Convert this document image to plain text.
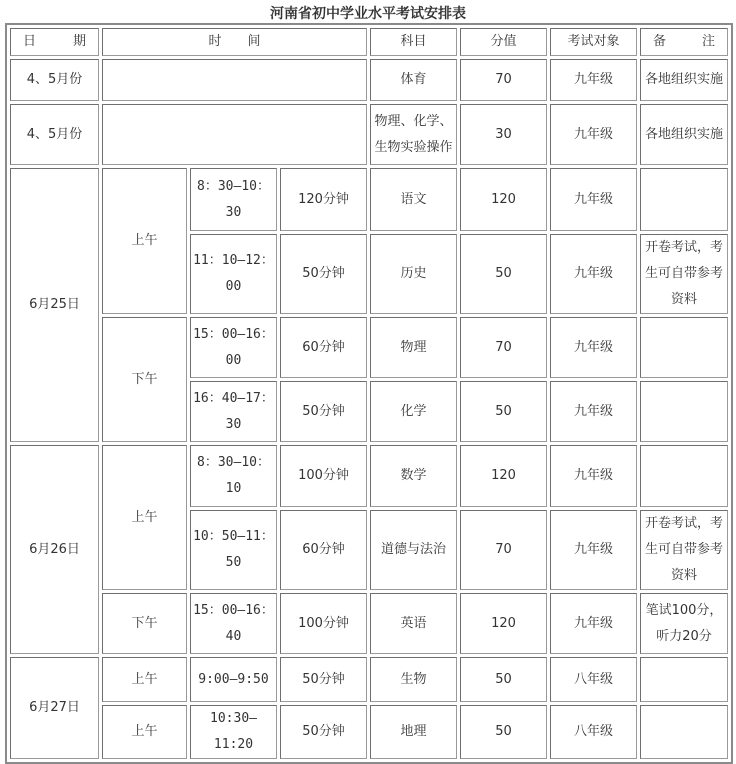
河南省初中学业水平考试安排表
日　期	时　　间			科目	分值	考试对象	备　注
4、5月份				体育	70	九年级	各地组织实施
4、5月份				物理、化学、生物实验操作	30	九年级	各地组织实施
6月25日	上午	8：30—10：30	120分钟	语文	120	九年级	
		11：10—12：00	50分钟	历史	50	九年级	开卷考试，考生可自带参考资料
	下午	15：00—16：00	60分钟	物理	70	九年级	
		16：40—17：30	50分钟	化学	50	九年级	
6月26日	上午	8：30—10：10	100分钟	数学	120	九年级	
		10：50—11：50	60分钟	道德与法治	70	九年级	开卷考试，考生可自带参考资料
	下午	15：00—16：40	100分钟	英语	120	九年级	笔试100分，听力20分
6月27日	上午	9:00—9:50	50分钟	生物	50	八年级	
	上午	10:30—11:20	50分钟	地理	50	八年级	
